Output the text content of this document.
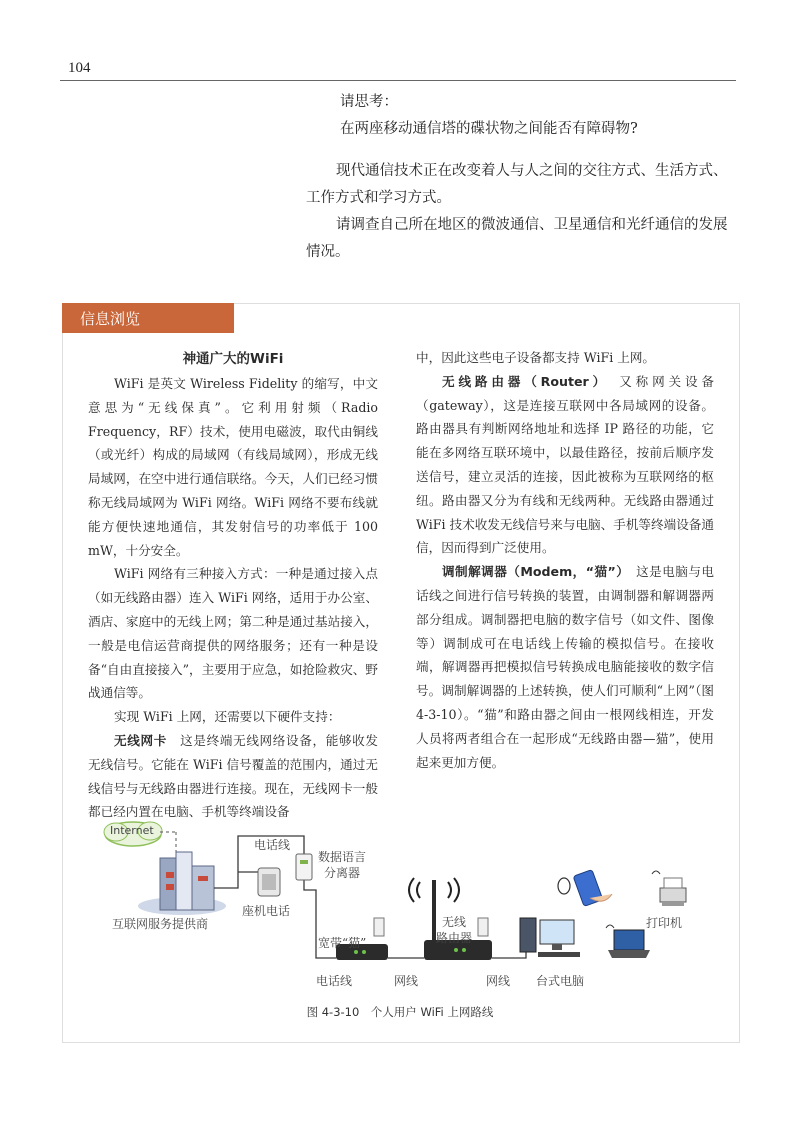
104
请思考：
在两座移动通信塔的碟状物之间能否有障碍物?

现代通信技术正在改变着人与人之间的交往方式、生活方式、工作方式和学习方式。

请调查自己所在地区的微波通信、卫星通信和光纤通信的发展情况。

信息浏览

神通广大的WiFi

WiFi 是英文 Wireless Fidelity 的缩写，中文意思为“无线保真”。它利用射频（Radio Frequency，RF）技术，使用电磁波，取代由铜线（或光纤）构成的局域网（有线局域网），形成无线局域网，在空中进行通信联络。今天，人们已经习惯称无线局域网为 WiFi 网络。WiFi 网络不要布线就能方便快速地通信，其发射信号的功率低于 100 mW，十分安全。

WiFi 网络有三种接入方式：一种是通过接入点（如无线路由器）连入 WiFi 网络，适用于办公室、酒店、家庭中的无线上网；第二种是通过基站接入，一般是电信运营商提供的网络服务；还有一种是设备“自由直接接入”，主要用于应急，如抢险救灾、野战通信等。

实现 WiFi 上网，还需要以下硬件支持：

无线网卡　这是终端无线网络设备，能够收发无线信号。它能在 WiFi 信号覆盖的范围内，通过无线信号与无线路由器进行连接。现在，无线网卡一般都已经内置在电脑、手机等终端设备

中，因此这些电子设备都支持 WiFi 上网。

无线路由器（Router）　又称网关设备（gateway），这是连接互联网中各局域网的设备。路由器具有判断网络地址和选择 IP 路径的功能，它能在多网络互联环境中，以最佳路径，按前后顺序发送信号，建立灵活的连接，因此被称为互联网络的枢纽。路由器又分为有线和无线两种。无线路由器通过 WiFi 技术收发无线信号来与电脑、手机等终端设备通信，因而得到广泛使用。

调制解调器（Modem，“猫”）　这是电脑与电话线之间进行信号转换的装置，由调制器和解调器两部分组成。调制器把电脑的数字信号（如文件、图像等）调制成可在电话线上传输的模拟信号。在接收端，解调器再把模拟信号转换成电脑能接收的数字信号。调制解调器的上述转换，使人们可顺利“上网”（图 4-3-10）。“猫”和路由器之间由一根网线相连，开发人员将两者组合在一起形成“无线路由器—猫”，使用起来更加方便。

Internet
互联网服务提供商
电话线
数据语言
分离器
座机电话
宽带“猫”
无线
路由器
打印机
电话线	网线	网线 台式电脑
图 4-3-10　个人用户 WiFi 上网路线
